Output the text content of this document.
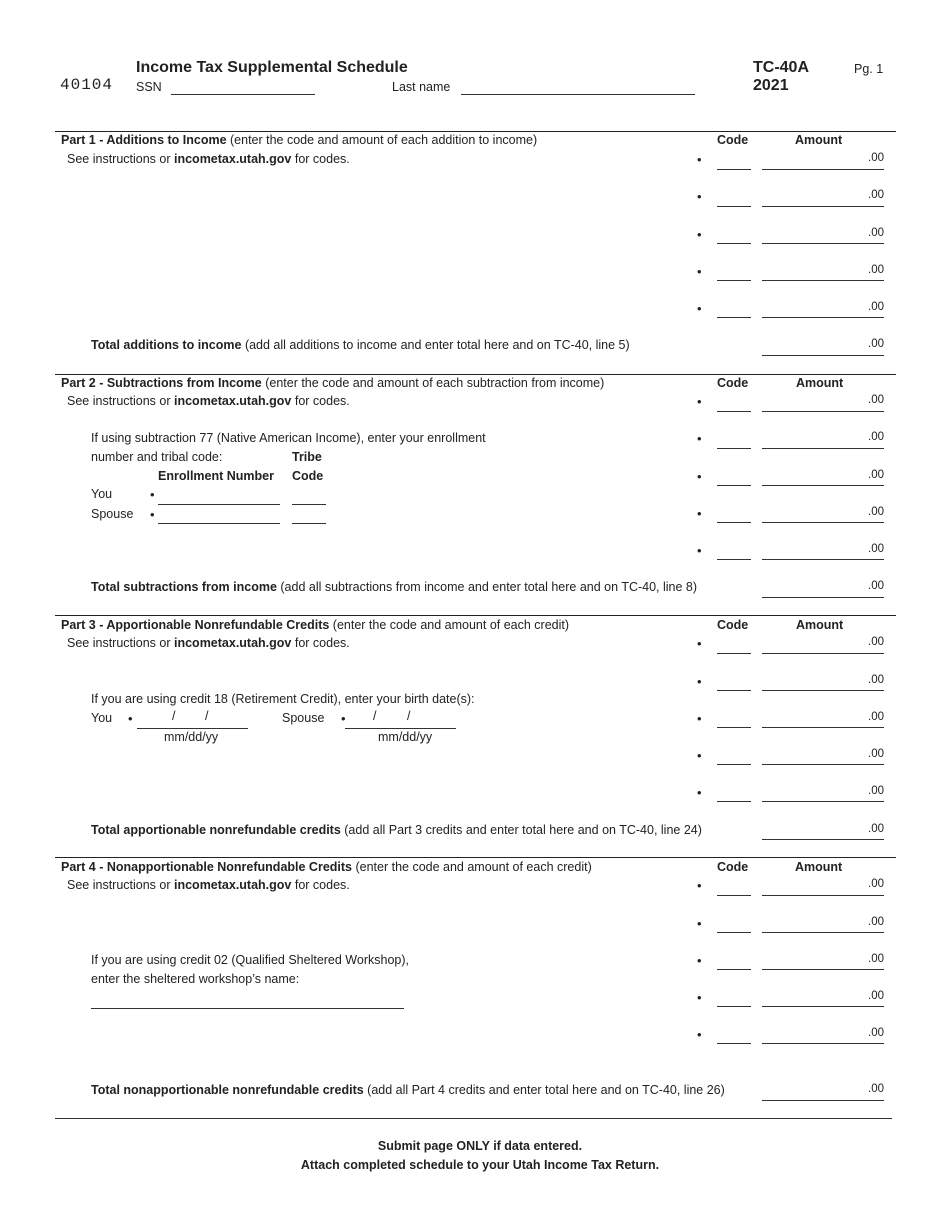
40104
Income Tax Supplemental Schedule
SSN	Last name
TC-40A
2021
Pg. 1
Part 1 - Additions to Income (enter the code and amount of each addition to income)
See instructions or incometax.utah.gov for codes.
Code	Amount
•	.00
•	.00
•	.00
•	.00
•	.00
Total additions to income (add all additions to income and enter total here and on TC-40, line 5)	.00
Part 2 - Subtractions from Income (enter the code and amount of each subtraction from income)
See instructions or incometax.utah.gov for codes.
Code	Amount
If using subtraction 77 (Native American Income), enter your enrollment
number and tribal code:	Tribe
Enrollment Number Code
You	•
Spouse •
•	.00
•	.00
•	.00
•	.00
•	.00
Total subtractions from income (add all subtractions from income and enter total here and on TC-40, line 8)	.00
Part 3 - Apportionable Nonrefundable Credits (enter the code and amount of each credit)
See instructions or incometax.utah.gov for codes.
Code	Amount
If you are using credit 18 (Retirement Credit), enter your birth date(s):
You •	/ /
mm/dd/yy
Spouse • / /
mm/dd/yy
•	.00
•	.00
•	.00
•	.00
•	.00
Total apportionable nonrefundable credits (add all Part 3 credits and enter total here and on TC-40, line 24)	.00
Part 4 - Nonapportionable Nonrefundable Credits (enter the code and amount of each credit)
See instructions or incometax.utah.gov for codes.
Code	Amount
If you are using credit 02 (Qualified Sheltered Workshop),
enter the sheltered workshop’s name:
•	.00
•	.00
•	.00
•	.00
•	.00
Total nonapportionable nonrefundable credits (add all Part 4 credits and enter total here and on TC-40, line 26)	.00
Submit page ONLY if data entered.
Attach completed schedule to your Utah Income Tax Return.
